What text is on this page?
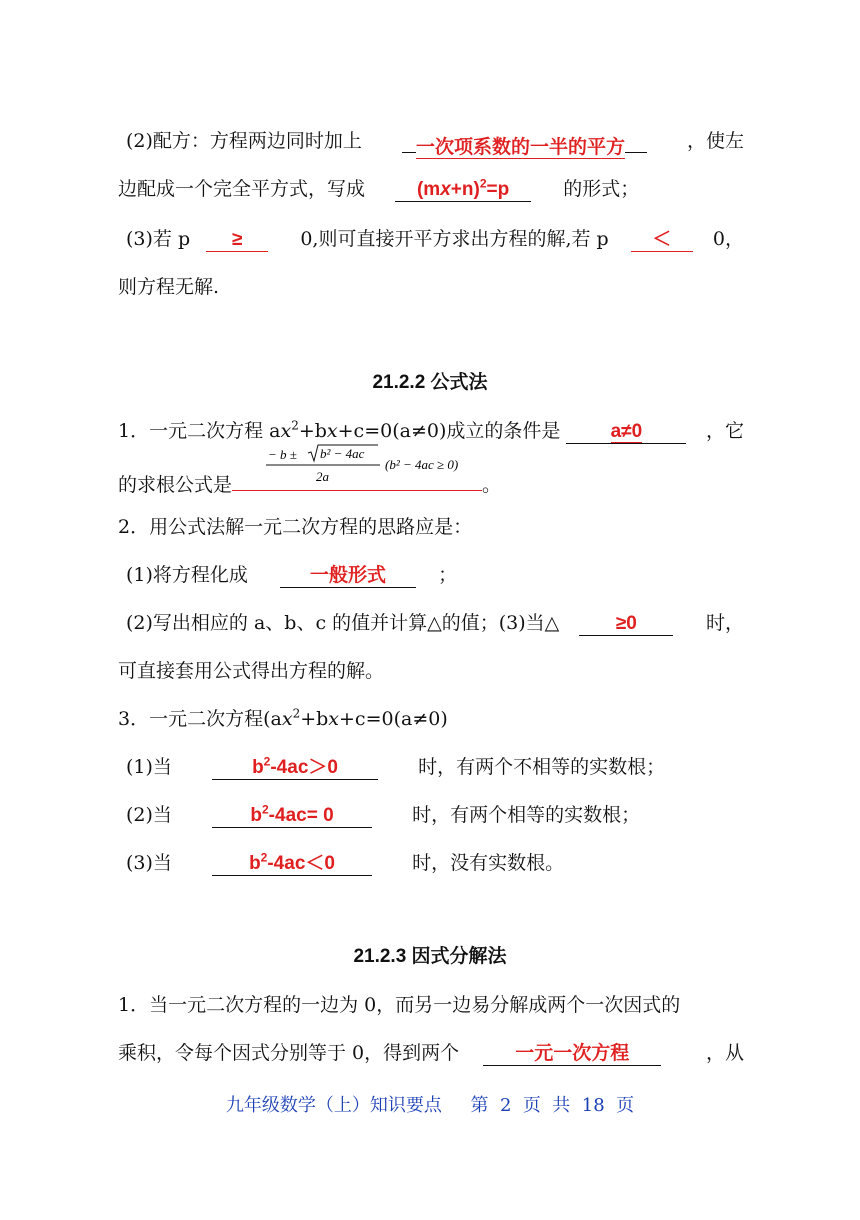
(2)配方：方程两边同时加上	一次项系数的一半的平方	，使左
边配成一个完全平方式，写成	$(mx+n)^2=p$	的形式；
(3)若 p ≥	0,则可直接开平方求出方程的解,若 p ＜	0，
则方程无解.
21.2.2 公式法
1．一元二次方程 $ax^2+bx+c=0(a\ne 0)$成立的条件是	a≠0	，它
的求根公式是	。
− b ± b² − 4ac
2a
(b² − 4ac ≥ 0)
2．用公式法解一元二次方程的思路应是：
(1)将方程化成	一般形式	；
(2)写出相应的 a、b、c 的值并计算△的值；(3)当△	≥0	时，
可直接套用公式得出方程的解。
3．一元二次方程($ax^2+bx+c=0(a\ne 0)$
(1)当	$b^2-4ac>0$	时，有两个不相等的实数根；
(2)当	$b^2-4ac= 0$	时，有两个相等的实数根；
(3)当	$b^2-4ac<0$	时，没有实数根。
21.2.3 因式分解法
1．当一元二次方程的一边为 0，而另一边易分解成两个一次因式的
乘积，令每个因式分别等于 0，得到两个	一元一次方程	，从
九年级数学（上）知识要点     第  2  页  共  18  页
